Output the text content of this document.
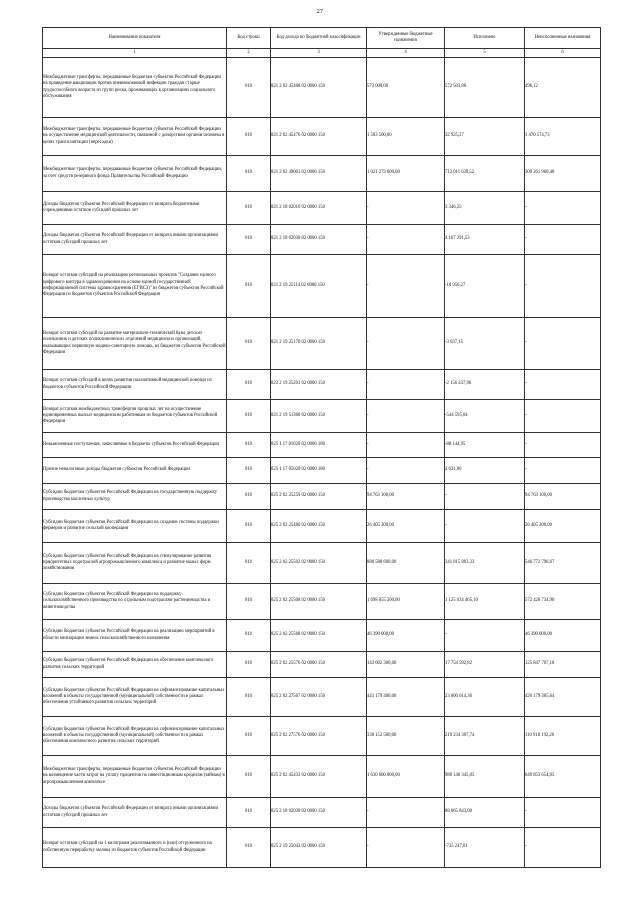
27
Наименование показателя	Код строки	Код дохода по бюджетной классификации	Утвержденные бюджетные назначения	Исполнено	Неисполненные назначения
1	2	3	4	5	6
Межбюджетные трансферты, передаваемые бюджетам субъектов Российской Федерации на проведение вакцинации против пневмококковой инфекции граждан старше трудоспособного возраста из групп риска, проживающих в организациях социального обслуживания	010	821 2 02 45468 02 0000 150	573 000,00	572 503,88	496,12
Межбюджетные трансферты, передаваемые бюджетам субъектов Российской Федерации на осуществление медицинской деятельности, связанной с донорством органов человека в целях трансплантации (пересадки)	010	821 2 02 45476 02 0000 150	1 503 500,00	32 925,27	1 470 574,73
Межбюджетные трансферты, передаваемые бюджетам субъектов Российской Федерации, за счет средств резервного фонда Правительства Российской Федерации	010	821 2 02 49001 02 0000 150	1 021 273 600,00	712 011 639,52	309 261 960,48
Доходы бюджетов субъектов Российской Федерации от возврата бюджетными учреждениями остатков субсидий прошлых лет	010	821 2 18 02010 02 0000 150	-	3 346,25	-
Доходы бюджетов субъектов Российской Федерации от возврата иными организациями остатков субсидий прошлых лет	010	821 2 18 02030 02 0000 150	-	4 167 291,53	-
Возврат остатков субсидий на реализацию региональных проектов "Создание единого цифрового контура в здравоохранении на основе единой государственной информационной системы здравоохранения (ЕГИСЗ)" из бюджетов субъектов Российской Федерации из бюджетов субъектов Российской Федерации	010	821 2 19 25114 02 0000 150	-	-10 956,27	-
Возврат остатков субсидий на развитие материально-технической базы детских поликлиник и детских поликлинических отделений медицинских организаций, оказывающих первичную медико-санитарную помощь, из бюджетов субъектов Российской Федерации	010	821 2 19 25170 02 0000 150	-	-3 037,15	-
Возврат остатков субсидий в целях развития паллиативной медицинской помощи из бюджетов субъектов Российской Федерации	010	823 2 19 25201 02 0000 150	-	-2 156 437,96	-
Возврат остатков межбюджетных трансфертов прошлых лет на осуществление единовременных выплат медицинским работникам из бюджетов субъектов Российской Федерации	010	821 2 19 51360 02 0000 150	-	-544 595,04	-
Невыясненные поступления, зачисляемые в бюджеты субъектов Российской Федерации	010	825 1 17 01020 02 0000 180	-	-88 144,95	-
Прочие неналоговые доходы бюджетов субъектов Российской Федерации	010	825 1 17 05020 02 0000 180	-	4 631,00	-
Субсидии бюджетам субъектов Российской Федерации на государственную поддержку производства масличных культур	010	825 2 02 25259 02 0000 150	94 763 100,00	-	94 763 100,00
Субсидии бюджетам субъектов Российской Федерации на создание системы поддержки фермеров и развитие сельской кооперации	010	825 2 02 25480 02 0000 150	26 405 200,00	-	26 405 200,00
Субсидии бюджетам субъектов Российской Федерации на стимулирование развития приоритетных подотраслей агропромышленного комплекса и развитие малых форм хозяйствования	010	825 2 02 25502 02 0000 150	888 588 600,00	341 815 803,33	546 772 796,67
Субсидии бюджетам субъектов Российской Федерации на поддержку сельскохозяйственного производства по отдельным подотраслям растениеводства и животноводства	010	825 2 02 25508 02 0000 150	1 698 055 200,00	1 125 634 465,10	572 420 734,90
Субсидии бюджетам субъектов Российской Федерации на реализацию мероприятий в области мелиорации земель сельскохозяйственного назначения	010	825 2 02 25568 02 0000 150	46 390 000,00	-	46 390 000,00
Субсидии бюджетам субъектов Российской Федерации на обеспечение комплексного развития сельских территорий	010	825 2 02 25576 02 0000 150	143 602 300,00	17 754 592,82	125 847 707,18
Субсидии бюджетам субъектов Российской Федерации на софинансирование капитальных вложений в объекты государственной (муниципальной) собственности в рамках обеспечения устойчивого развития сельских территорий	010	825 2 02 27567 02 0000 150	443 179 400,00	23 000 014,36	420 179 385,64
Субсидии бюджетам субъектов Российской Федерации на софинансирование капитальных вложений в объекты государственной (муниципальной) собственности в рамках обеспечения комплексного развития сельских территорий	010	825 2 02 27576 02 0000 150	330 152 500,00	219 234 307,74	110 918 192,26
Межбюджетные трансферты, передаваемые бюджетам субъектов Российской Федерации на возмещение части затрат на уплату процентов по инвестиционным кредитам (займам) в агропромышленном комплексе	010	825 2 02 45433 02 0000 150	1 630 000 000,00	980 146 345,05	649 853 654,95
Доходы бюджетов субъектов Российской Федерации от возврата иными организациями остатков субсидий прошлых лет	010	825 2 18 02030 02 0000 150	-	88 065 843,00	-
Возврат остатков субсидий на 1 килограмм реализованного и (или) отгруженного на собственную переработку молока из бюджетов субъектов Российской Федерации	010	825 2 19 25043 02 0000 150	-	-735 247,01	-
